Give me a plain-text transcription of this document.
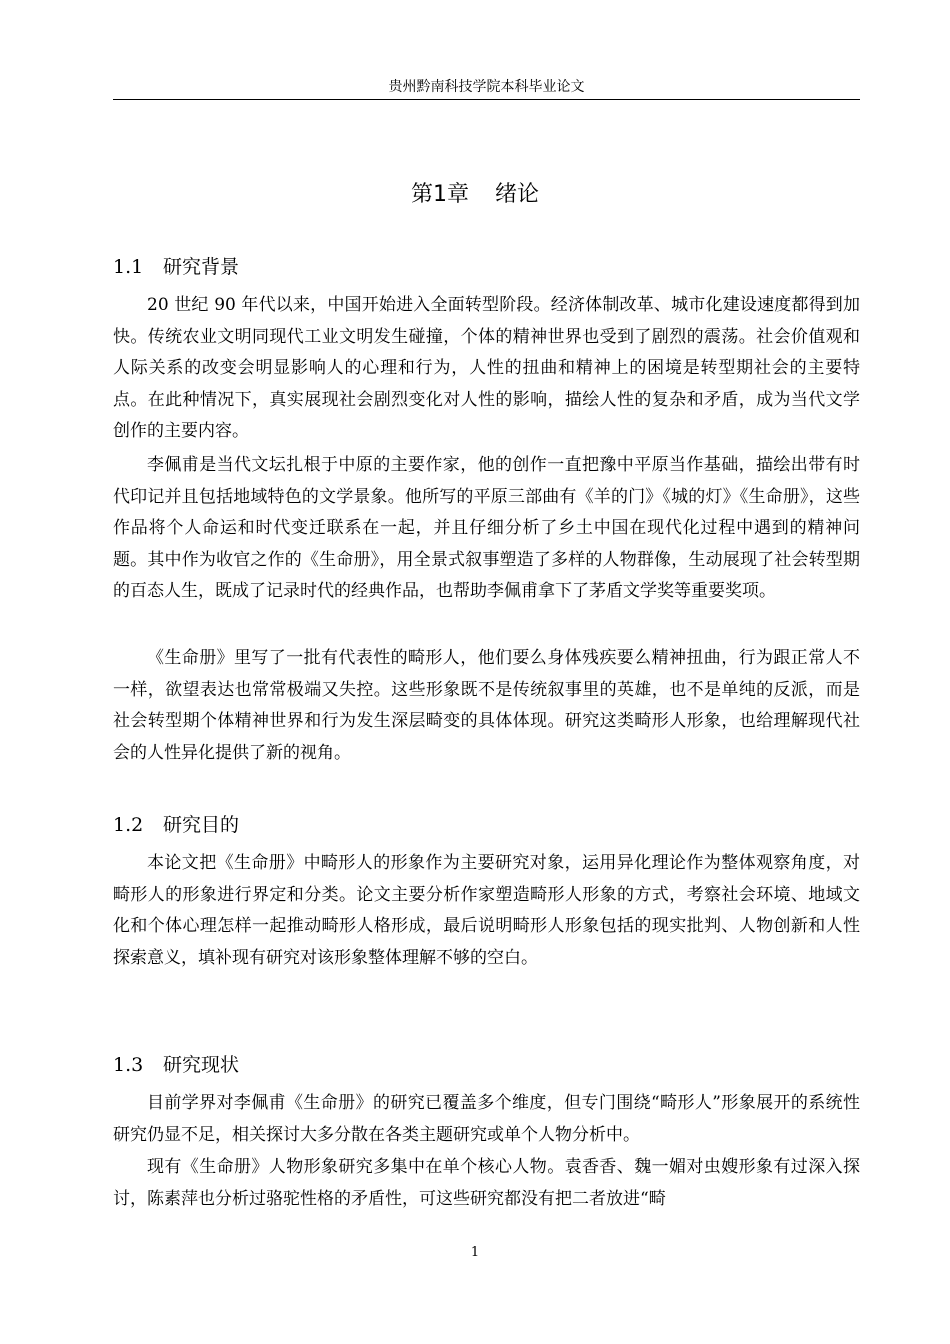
贵州黔南科技学院本科毕业论文
第1章 绪论
1.1 研究背景

20 世纪 90 年代以来，中国开始进入全面转型阶段。经济体制改革、城市化建设速度都得到加快。传统农业文明同现代工业文明发生碰撞，个体的精神世界也受到了剧烈的震荡。社会价值观和人际关系的改变会明显影响人的心理和行为，人性的扭曲和精神上的困境是转型期社会的主要特点。在此种情况下，真实展现社会剧烈变化对人性的影响，描绘人性的复杂和矛盾，成为当代文学创作的主要内容。

李佩甫是当代文坛扎根于中原的主要作家，他的创作一直把豫中平原当作基础，描绘出带有时代印记并且包括地域特色的文学景象。他所写的平原三部曲有《羊的门》《城的灯》《生命册》，这些作品将个人命运和时代变迁联系在一起，并且仔细分析了乡土中国在现代化过程中遇到的精神问题。其中作为收官之作的《生命册》，用全景式叙事塑造了多样的人物群像，生动展现了社会转型期的百态人生，既成了记录时代的经典作品，也帮助李佩甫拿下了茅盾文学奖等重要奖项。

《生命册》里写了一批有代表性的畸形人，他们要么身体残疾要么精神扭曲，行为跟正常人不一样，欲望表达也常常极端又失控。这些形象既不是传统叙事里的英雄，也不是单纯的反派，而是社会转型期个体精神世界和行为发生深层畸变的具体体现。研究这类畸形人形象，也给理解现代社会的人性异化提供了新的视角。

1.2 研究目的

本论文把《生命册》中畸形人的形象作为主要研究对象，运用异化理论作为整体观察角度，对畸形人的形象进行界定和分类。论文主要分析作家塑造畸形人形象的方式，考察社会环境、地域文化和个体心理怎样一起推动畸形人格形成，最后说明畸形人形象包括的现实批判、人物创新和人性探索意义，填补现有研究对该形象整体理解不够的空白。

1.3 研究现状

目前学界对李佩甫《生命册》的研究已覆盖多个维度，但专门围绕“畸形人”形象展开的系统性研究仍显不足，相关探讨大多分散在各类主题研究或单个人物分析中。

现有《生命册》人物形象研究多集中在单个核心人物。袁香香、魏一媚对虫嫂形象有过深入探讨，陈素萍也分析过骆驼性格的矛盾性，可这些研究都没有把二者放进“畸

1
